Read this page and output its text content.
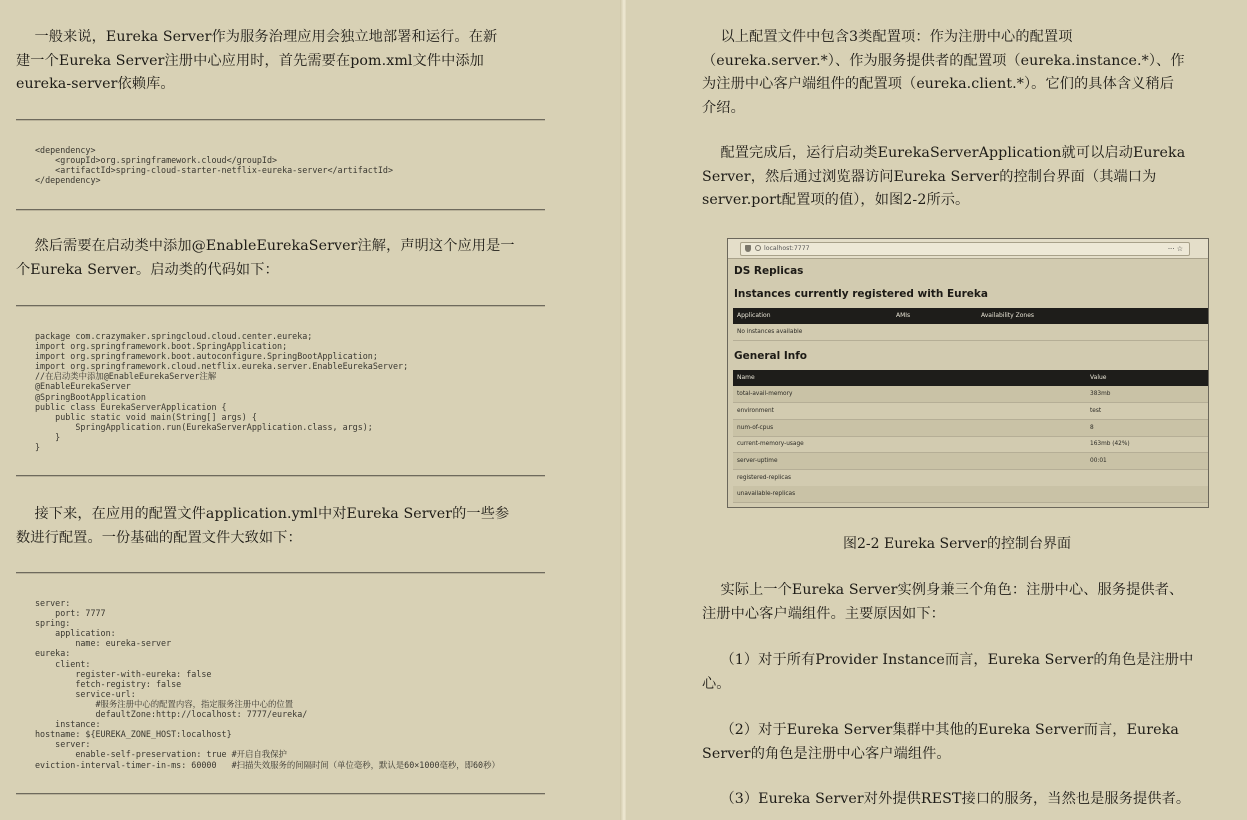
一般来说，Eureka Server作为服务治理应用会独立地部署和运行。在新
建一个Eureka Server注册中心应用时，首先需要在pom.xml文件中添加
eureka-server依赖库。

<dependency>
<groupId>org.springframework.cloud</groupId>
<artifactId>spring-cloud-starter-netflix-eureka-server</artifactId>
</dependency>

然后需要在启动类中添加@EnableEurekaServer注解，声明这个应用是一
个Eureka Server。启动类的代码如下：

package com.crazymaker.springcloud.cloud.center.eureka;
import org.springframework.boot.SpringApplication;
import org.springframework.boot.autoconfigure.SpringBootApplication;
import org.springframework.cloud.netflix.eureka.server.EnableEurekaServer;
//在启动类中添加@EnableEurekaServer注解
@EnableEurekaServer
@SpringBootApplication
public class EurekaServerApplication {
public static void main(String[] args) {
SpringApplication.run(EurekaServerApplication.class, args);
}
}

接下来，在应用的配置文件application.yml中对Eureka Server的一些参
数进行配置。一份基础的配置文件大致如下：

server:
port: 7777
spring:
application:
name: eureka-server
eureka:
client:
register-with-eureka: false
fetch-registry: false
service-url:
#服务注册中心的配置内容，指定服务注册中心的位置
defaultZone:http://localhost: 7777/eureka/
instance:
hostname: ${EUREKA_ZONE_HOST:localhost}
server:
enable-self-preservation: true #开启自我保护
eviction-interval-timer-in-ms: 60000   #扫描失效服务的间隔时间（单位毫秒，默认是60×1000毫秒，即60秒）

以上配置文件中包含3类配置项：作为注册中心的配置项
（eureka.server.*）、作为服务提供者的配置项（eureka.instance.*）、作
为注册中心客户端组件的配置项（eureka.client.*）。它们的具体含义稍后
介绍。

配置完成后，运行启动类EurekaServerApplication就可以启动Eureka
Server，然后通过浏览器访问Eureka Server的控制台界面（其端口为
server.port配置项的值），如图2-2所示。

localhost:7777	··· ☆
DS Replicas
Instances currently registered with Eureka
Application	AMIs	Availability Zones
No instances available
General Info
Name	Value
total-avail-memory	383mb
environment	test
num-of-cpus	8
current-memory-usage	163mb (42%)
server-uptime	00:01
registered-replicas
unavailable-replicas

图2-2 Eureka Server的控制台界面

实际上一个Eureka Server实例身兼三个角色：注册中心、服务提供者、
注册中心客户端组件。主要原因如下：

（1）对于所有Provider Instance而言，Eureka Server的角色是注册中
心。

（2）对于Eureka Server集群中其他的Eureka Server而言，Eureka
Server的角色是注册中心客户端组件。

（3）Eureka Server对外提供REST接口的服务，当然也是服务提供者。
